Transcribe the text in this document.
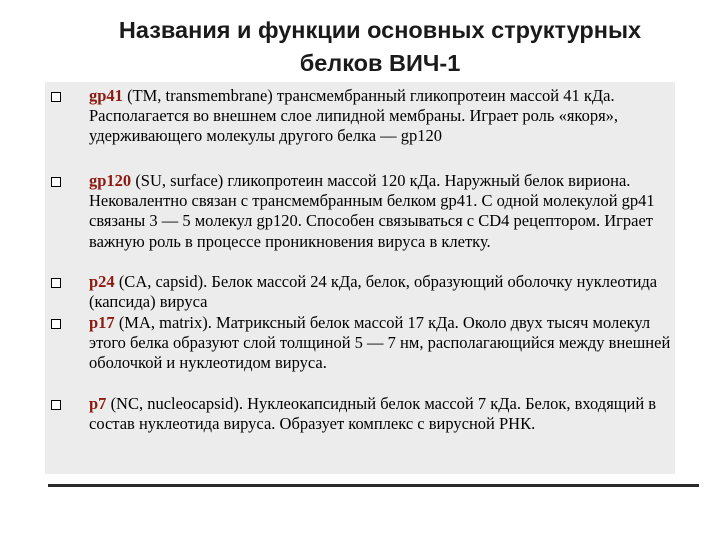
Названия и функции основных структурных
белков ВИЧ-1
gp41 (TM, transmembrane) трансмембранный гликопротеин массой 41 кДа. Располагается во внешнем слое липидной мембраны. Играет роль «якоря», удерживающего молекулы другого белка — gp120
gp120 (SU, surface) гликопротеин массой 120 кДа. Наружный белок вириона. Нековалентно связан с трансмембранным белком gp41. С одной молекулой gp41 связаны 3 — 5 молекул gp120. Способен связываться с CD4 рецептором. Играет важную роль в процессе проникновения вируса в клетку.
p24 (CA, capsid). Белок массой 24 кДа, белок, образующий оболочку нуклеотида (капсида) вируса
p17 (MA, matrix). Матриксный белок массой 17 кДа. Около двух тысяч молекул этого белка образуют слой толщиной 5 — 7 нм, располагающийся между внешней оболочкой и нуклеотидом вируса.
p7 (NC, nucleocapsid). Нуклеокапсидный белок массой 7 кДа. Белок, входящий в состав нуклеотида вируса. Образует комплекс с вирусной РНК.
